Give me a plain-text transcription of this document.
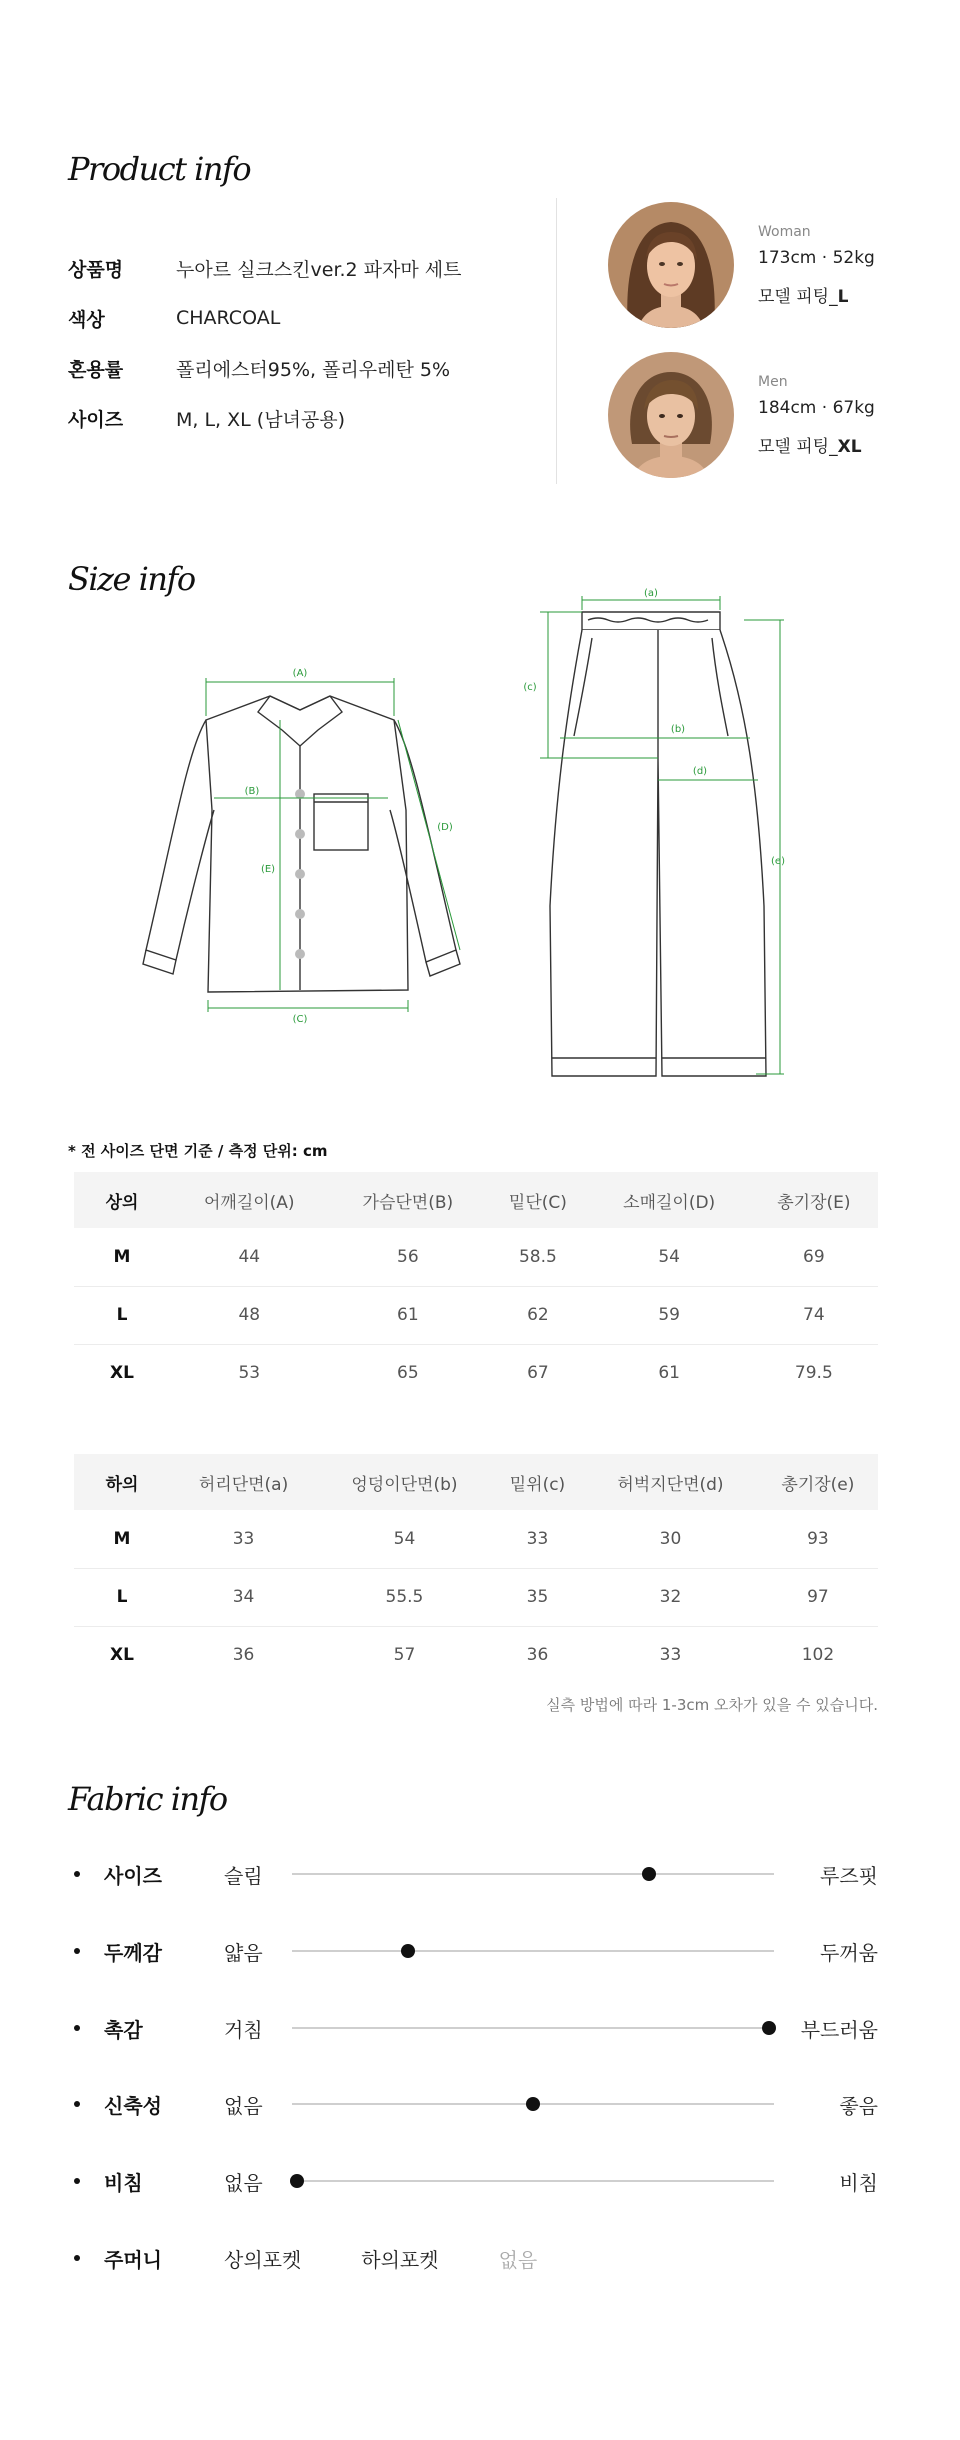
Product info
상품명	누아르 실크스킨ver.2 파자마 세트
색상	CHARCOAL
혼용률	폴리에스터95%, 폴리우레탄 5%
사이즈	M, L, XL (남녀공용)
Woman
173cm · 52kg
모델 피팅_L
Men
184cm · 67kg
모델 피팅_XL
Size info
(A)
(B)
(C)
(D)
(E)
(a)
(c)
(b)
(d)
(e)
* 전 사이즈 단면 기준 / 측정 단위: cm
상의	어깨길이(A)	가슴단면(B)	밑단(C)	소매길이(D)	총기장(E)
M	44	56	58.5	54	69
L	48	61	62	59	74
XL	53	65	67	61	79.5
하의	허리단면(a)	엉덩이단면(b)	밑위(c)	허벅지단면(d)	총기장(e)
M	33	54	33	30	93
L	34	55.5	35	32	97
XL	36	57	36	33	102
실측 방법에 따라 1-3cm 오차가 있을 수 있습니다.
Fabric info
사이즈	슬림	루즈핏
두께감	얇음	두꺼움
촉감	거침	부드러움
신축성	없음	좋음
비침	없음	비침
주머니	상의포켓	하의포켓	없음
